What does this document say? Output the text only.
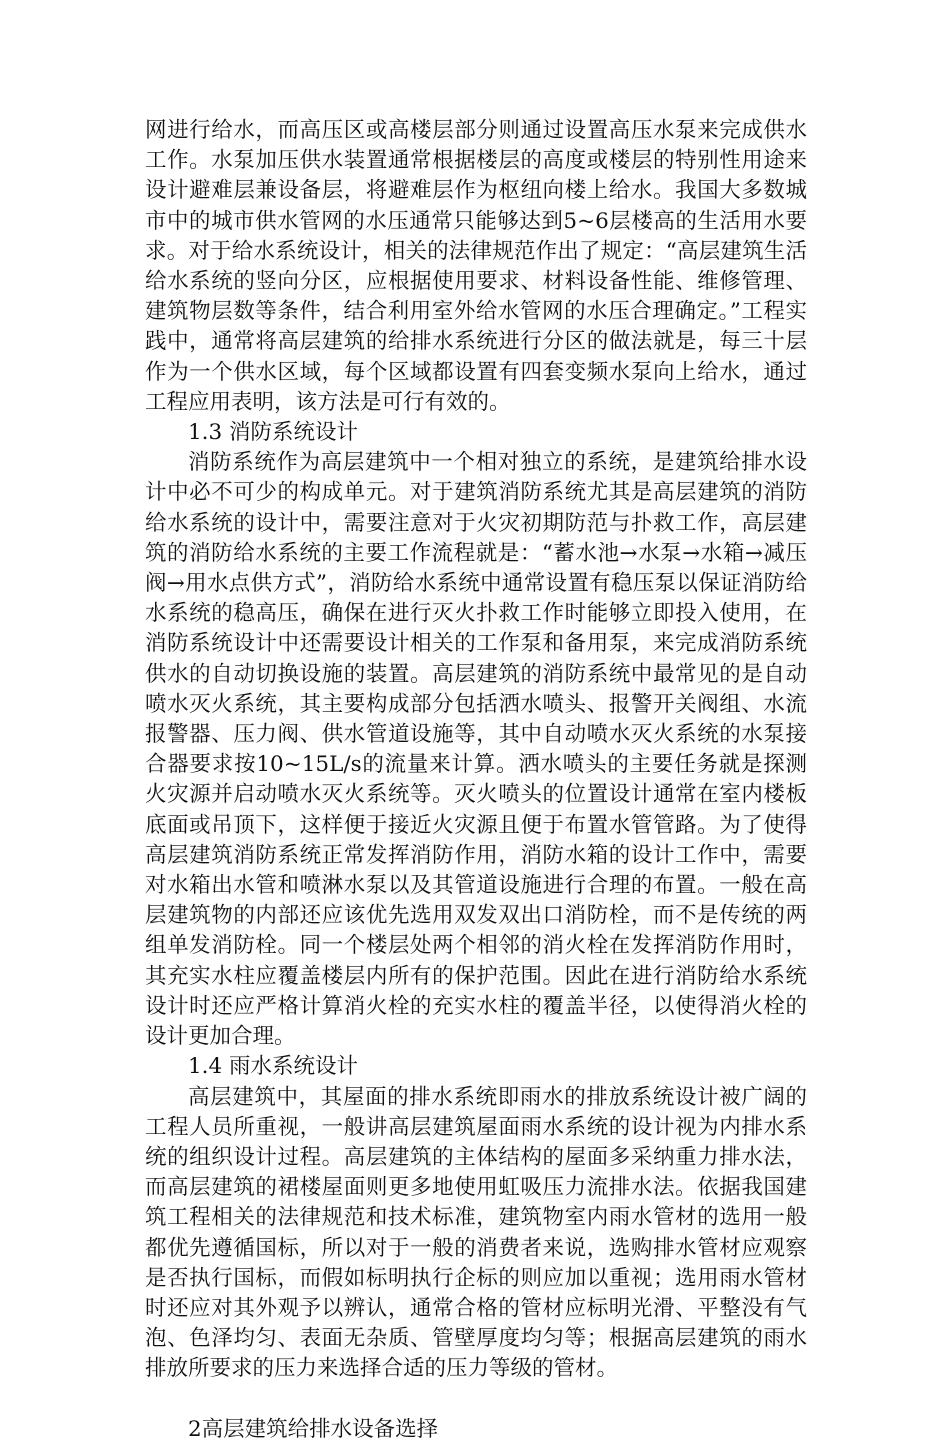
网进行给水，而高压区或高楼层部分则通过设置高压水泵来完成供水工作。水泵加压供水装置通常根据楼层的高度或楼层的特别性用途来设计避难层兼设备层，将避难层作为枢纽向楼上给水。我国大多数城市中的城市供水管网的水压通常只能够达到5~6层楼高的生活用水要求。对于给水系统设计，相关的法律规范作出了规定：“高层建筑生活给水系统的竖向分区，应根据使用要求、材料设备性能、维修管理、建筑物层数等条件，结合利用室外给水管网的水压合理确定。”工程实践中，通常将高层建筑的给排水系统进行分区的做法就是，每三十层作为一个供水区域，每个区域都设置有四套变频水泵向上给水，通过工程应用表明，该方法是可行有效的。

1.3 消防系统设计

消防系统作为高层建筑中一个相对独立的系统，是建筑给排水设计中必不可少的构成单元。对于建筑消防系统尤其是高层建筑的消防给水系统的设计中，需要注意对于火灾初期防范与扑救工作，高层建筑的消防给水系统的主要工作流程就是：“蓄水池→水泵→水箱→减压阀→用水点供方式”，消防给水系统中通常设置有稳压泵以保证消防给水系统的稳高压，确保在进行灭火扑救工作时能够立即投入使用，在消防系统设计中还需要设计相关的工作泵和备用泵，来完成消防系统供水的自动切换设施的装置。高层建筑的消防系统中最常见的是自动喷水灭火系统，其主要构成部分包括洒水喷头、报警开关阀组、水流报警器、压力阀、供水管道设施等，其中自动喷水灭火系统的水泵接合器要求按10~15L/s的流量来计算。洒水喷头的主要任务就是探测火灾源并启动喷水灭火系统等。灭火喷头的位置设计通常在室内楼板底面或吊顶下，这样便于接近火灾源且便于布置水管管路。为了使得高层建筑消防系统正常发挥消防作用，消防水箱的设计工作中，需要对水箱出水管和喷淋水泵以及其管道设施进行合理的布置。一般在高层建筑物的内部还应该优先选用双发双出口消防栓，而不是传统的两组单发消防栓。同一个楼层处两个相邻的消火栓在发挥消防作用时，其充实水柱应覆盖楼层内所有的保护范围。因此在进行消防给水系统设计时还应严格计算消火栓的充实水柱的覆盖半径，以使得消火栓的设计更加合理。

1.4 雨水系统设计

高层建筑中，其屋面的排水系统即雨水的排放系统设计被广阔的工程人员所重视，一般讲高层建筑屋面雨水系统的设计视为内排水系统的组织设计过程。高层建筑的主体结构的屋面多采纳重力排水法，而高层建筑的裙楼屋面则更多地使用虹吸压力流排水法。依据我国建筑工程相关的法律规范和技术标准，建筑物室内雨水管材的选用一般都优先遵循国标，所以对于一般的消费者来说，选购排水管材应观察是否执行国标，而假如标明执行企标的则应加以重视；选用雨水管材时还应对其外观予以辨认，通常合格的管材应标明光滑、平整没有气泡、色泽均匀、表面无杂质、管壁厚度均匀等；根据高层建筑的雨水排放所要求的压力来选择合适的压力等级的管材。

2高层建筑给排水设备选择
